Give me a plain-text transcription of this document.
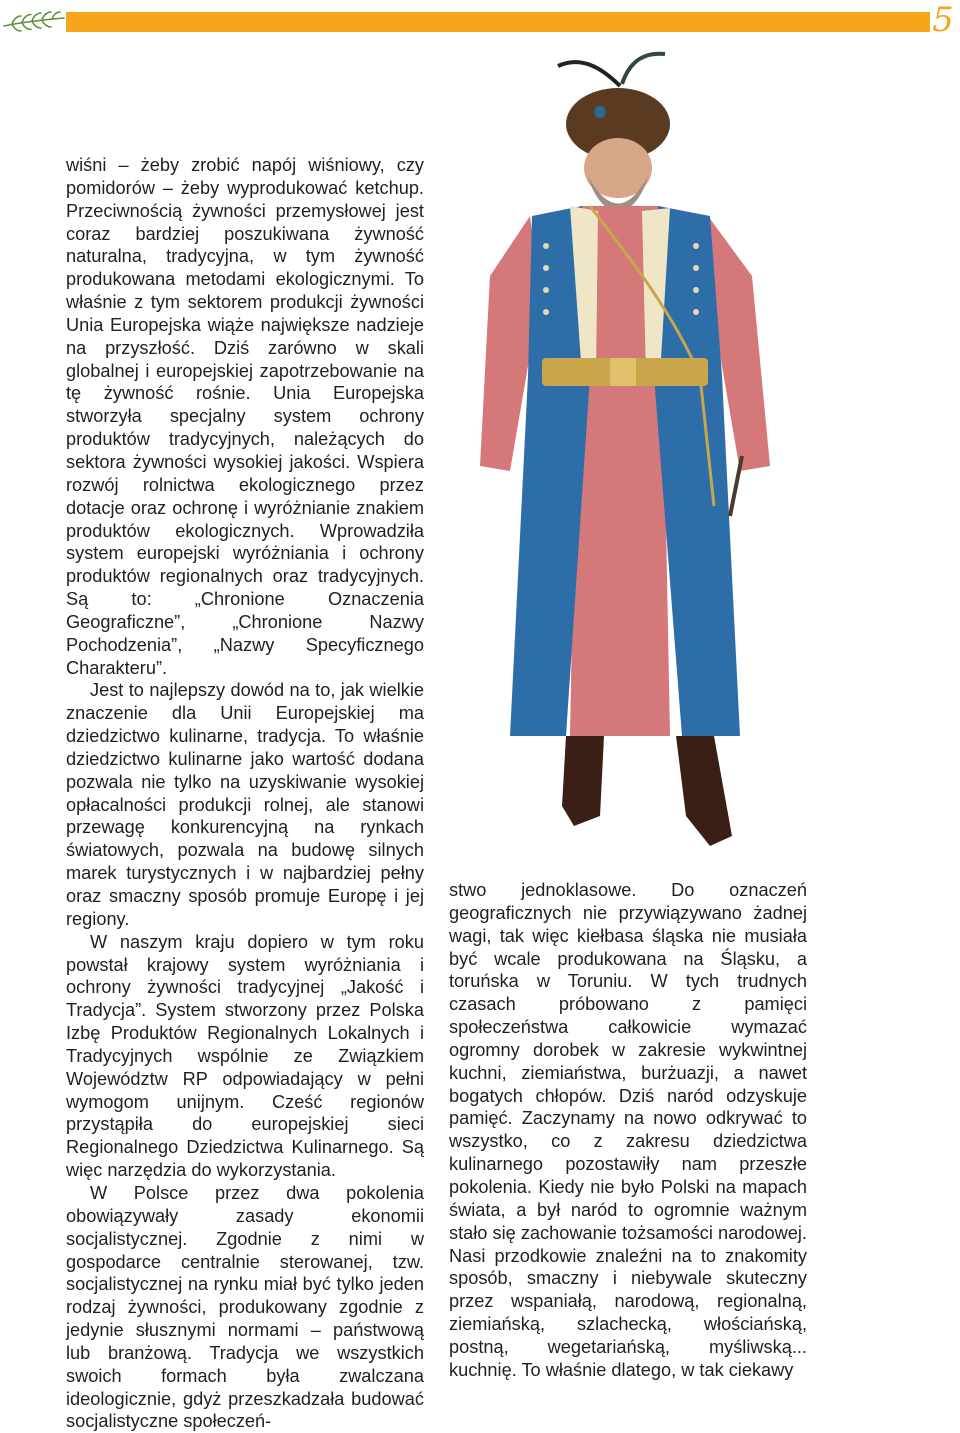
5

wiśni – żeby zrobić napój wiśniowy, czy pomidorów – żeby wyprodukować ketchup. Przeciwnością żywności przemysłowej jest coraz bardziej poszukiwana żywność naturalna, tradycyjna, w tym żywność produkowana metodami ekologicznymi. To właśnie z tym sektorem produkcji żywności Unia Europejska wiąże największe nadzieje na przyszłość. Dziś zarówno w skali globalnej i europejskiej zapotrzebowanie na tę żywność rośnie. Unia Europejska stworzyła specjalny system ochrony produktów tradycyjnych, należących do sektora żywności wysokiej jakości. Wspiera rozwój rolnictwa ekologicznego przez dotacje oraz ochronę i wyróżnianie znakiem produktów ekologicznych. Wprowadziła system europejski wyróżniania i ochrony produktów regionalnych oraz tradycyjnych. Są to: „Chronione Oznaczenia Geograficzne”, „Chronione Nazwy Pochodzenia”, „Nazwy Specyficznego Charakteru”.

Jest to najlepszy dowód na to, jak wielkie znaczenie dla Unii Europejskiej ma dziedzictwo kulinarne, tradycja. To właśnie dziedzictwo kulinarne jako wartość dodana pozwala nie tylko na uzyskiwanie wysokiej opłacalności produkcji rolnej, ale stanowi przewagę konkurencyjną na rynkach światowych, pozwala na budowę silnych marek turystycznych i w najbardziej pełny oraz smaczny sposób promuje Europę i jej regiony.

W naszym kraju dopiero w tym roku powstał krajowy system wyróżniania i ochrony żywności tradycyjnej „Jakość i Tradycja”. System stworzony przez Polska Izbę Produktów Regionalnych Lokalnych i Tradycyjnych wspólnie ze Związkiem Województw RP odpowiadający w pełni wymogom unijnym. Cześć regionów przystąpiła do europejskiej sieci Regionalnego Dziedzictwa Kulinarnego. Są więc narzędzia do wykorzystania.

W Polsce przez dwa pokolenia obowiązywały zasady ekonomii socjalistycznej. Zgodnie z nimi w gospodarce centralnie sterowanej, tzw. socjalistycznej na rynku miał być tylko jeden rodzaj żywności, produkowany zgodnie z jedynie słusznymi normami – państwową lub branżową. Tradycja we wszystkich swoich formach była zwalczana ideologicznie, gdyż przeszkadzała budować socjalistyczne społeczeń-

stwo jednoklasowe. Do oznaczeń geograficznych nie przywiązywano żadnej wagi, tak więc kiełbasa śląska nie musiała być wcale produkowana na Śląsku, a toruńska w Toruniu. W tych trudnych czasach próbowano z pamięci społeczeństwa całkowicie wymazać ogromny dorobek w zakresie wykwintnej kuchni, ziemiaństwa, burżuazji, a nawet bogatych chłopów. Dziś naród odzyskuje pamięć. Zaczynamy na nowo odkrywać to wszystko, co z zakresu dziedzictwa kulinarnego pozostawiły nam przeszłe pokolenia. Kiedy nie było Polski na mapach świata, a był naród to ogromnie ważnym stało się zachowanie tożsamości narodowej. Nasi przodkowie znaleźni na to znakomity sposób, smaczny i niebywale skuteczny przez wspaniałą, narodową, regionalną, ziemiańską, szlachecką, włościańską, postną, wegetariańską, myśliwską... kuchnię. To właśnie dlatego, w tak ciekawy
